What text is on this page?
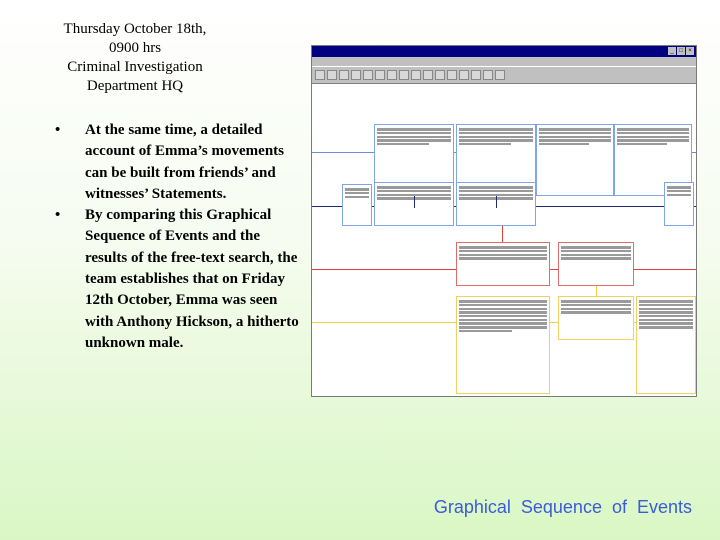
Thursday October 18th,
0900 hrs
Criminal Investigation
Department HQ
• At the same time, a detailed account of Emma’s movements can be built from friends’ and witnesses’ Statements.
• By comparing this Graphical Sequence of Events and the results of the free-text search, the team establishes that on Friday 12th October, Emma was seen with Anthony Hickson, a hitherto unknown male.
_ □ ×
Graphical Sequence of Events
